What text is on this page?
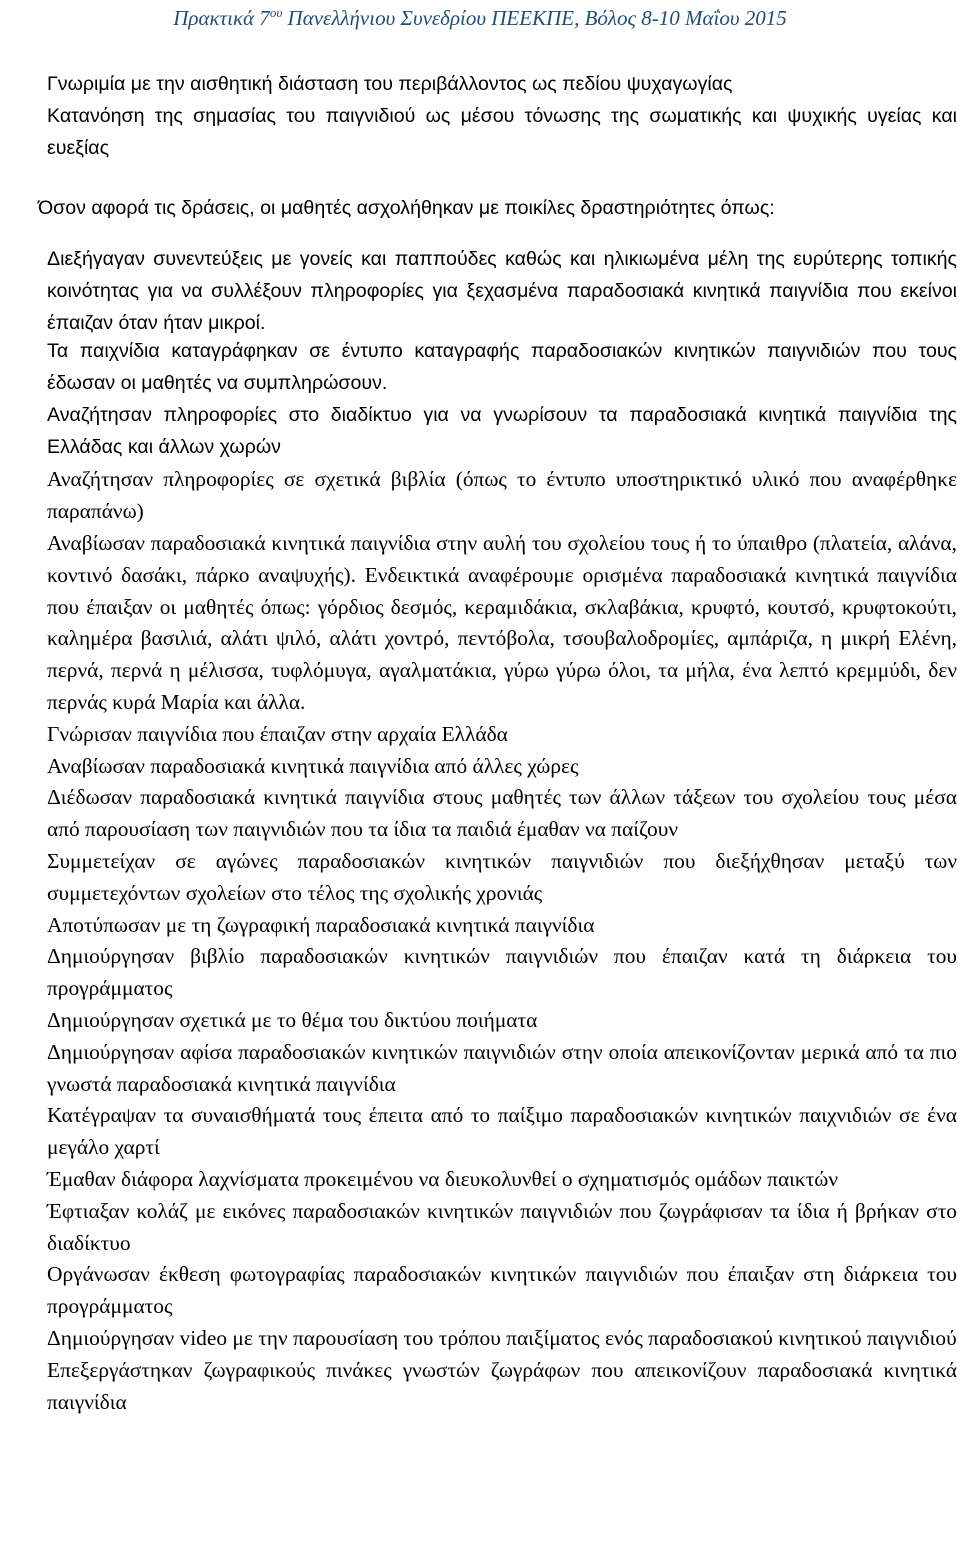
Πρακτικά $7^{o\upsilon}$ Πανελλήνιου Συνεδρίου ΠΕΕΚΠΕ, Βόλος 8-10 Μαΐου 2015
Γνωριμία με την αισθητική διάσταση του περιβάλλοντος ως πεδίου ψυχαγωγίας
Κατανόηση της σημασίας του παιγνιδιού ως μέσου τόνωσης της σωματικής και ψυχικής υγείας και ευεξίας
Όσον αφορά τις δράσεις, οι μαθητές ασχολήθηκαν με ποικίλες δραστηριότητες όπως:
Διεξήγαγαν συνεντεύξεις με γονείς και παππούδες καθώς και ηλικιωμένα μέλη της ευρύτερης τοπικής κοινότητας για να συλλέξουν πληροφορίες για ξεχασμένα παραδοσιακά κινητικά παιγνίδια που εκείνοι έπαιζαν όταν ήταν μικροί.
Τα παιχνίδια καταγράφηκαν σε έντυπο καταγραφής παραδοσιακών κινητικών παιγνιδιών που τους έδωσαν οι μαθητές να συμπληρώσουν.
Αναζήτησαν πληροφορίες στο διαδίκτυο για να γνωρίσουν τα παραδοσιακά κινητικά παιγνίδια της Ελλάδας και άλλων χωρών
Αναζήτησαν πληροφορίες σε σχετικά βιβλία (όπως το έντυπο υποστηρικτικό υλικό που αναφέρθηκε παραπάνω)
Αναβίωσαν παραδοσιακά κινητικά παιγνίδια στην αυλή του σχολείου τους ή το ύπαιθρο (πλατεία, αλάνα, κοντινό δασάκι, πάρκο αναψυχής). Ενδεικτικά αναφέρουμε ορισμένα παραδοσιακά κινητικά παιγνίδια που έπαιξαν οι μαθητές όπως: γόρδιος δεσμός, κεραμιδάκια, σκλαβάκια, κρυφτό, κουτσό, κρυφτοκούτι, καλημέρα βασιλιά, αλάτι ψιλό, αλάτι χοντρό, πεντόβολα, τσουβαλοδρομίες, αμπάριζα, η μικρή Ελένη, περνά, περνά η μέλισσα, τυφλόμυγα, αγαλματάκια, γύρω γύρω όλοι, τα μήλα, ένα λεπτό κρεμμύδι, δεν περνάς κυρά Μαρία και άλλα.
Γνώρισαν παιγνίδια που έπαιζαν στην αρχαία Ελλάδα
Αναβίωσαν παραδοσιακά κινητικά παιγνίδια από άλλες χώρες
Διέδωσαν παραδοσιακά κινητικά παιγνίδια στους μαθητές των άλλων τάξεων του σχολείου τους μέσα από παρουσίαση των παιγνιδιών που τα ίδια τα παιδιά έμαθαν να παίζουν
Συμμετείχαν σε αγώνες παραδοσιακών κινητικών παιγνιδιών που διεξήχθησαν μεταξύ των συμμετεχόντων σχολείων στο τέλος της σχολικής χρονιάς
Αποτύπωσαν με τη ζωγραφική παραδοσιακά κινητικά παιγνίδια
Δημιούργησαν βιβλίο παραδοσιακών κινητικών παιγνιδιών που έπαιζαν κατά τη διάρκεια του προγράμματος
Δημιούργησαν σχετικά με το θέμα του δικτύου ποιήματα
Δημιούργησαν αφίσα παραδοσιακών κινητικών παιγνιδιών στην οποία απεικονίζονταν μερικά από τα πιο γνωστά παραδοσιακά κινητικά παιγνίδια
Κατέγραψαν τα συναισθήματά τους έπειτα από το παίξιμο παραδοσιακών κινητικών παιχνιδιών σε ένα μεγάλο χαρτί
Έμαθαν διάφορα λαχνίσματα προκειμένου να διευκολυνθεί ο σχηματισμός ομάδων παικτών
Έφτιαξαν κολάζ με εικόνες παραδοσιακών κινητικών παιγνιδιών που ζωγράφισαν τα ίδια ή βρήκαν στο διαδίκτυο
Οργάνωσαν έκθεση φωτογραφίας παραδοσιακών κινητικών παιγνιδιών που έπαιξαν στη διάρκεια του προγράμματος
Δημιούργησαν video με την παρουσίαση του τρόπου παιξίματος ενός παραδοσιακού κινητικού παιγνιδιού
Επεξεργάστηκαν ζωγραφικούς πινάκες γνωστών ζωγράφων που απεικονίζουν παραδοσιακά κινητικά παιγνίδια
